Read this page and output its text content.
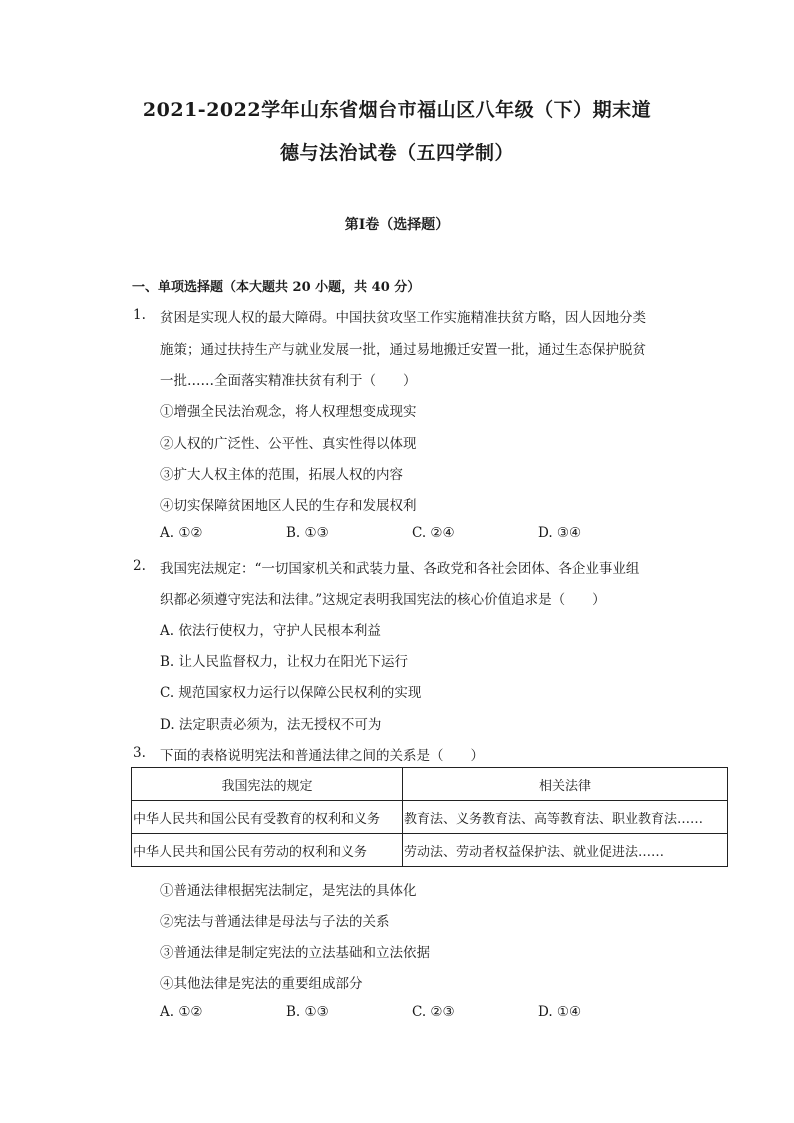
2021-2022学年山东省烟台市福山区八年级（下）期末道
德与法治试卷（五四学制）
第Ⅰ卷（选择题）
一、单项选择题（本大题共 20 小题，共 40 分）
1. 贫困是实现人权的最大障碍。中国扶贫攻坚工作实施精准扶贫方略，因人因地分类
施策；通过扶持生产与就业发展一批，通过易地搬迁安置一批，通过生态保护脱贫
一批……全面落实精准扶贫有利于（　　）
①增强全民法治观念，将人权理想变成现实
②人权的广泛性、公平性、真实性得以体现
③扩大人权主体的范围，拓展人权的内容
④切实保障贫困地区人民的生存和发展权利
A. ①②	B. ①③	C. ②④	D. ③④
2. 我国宪法规定：“一切国家机关和武装力量、各政党和各社会团体、各企业事业组
织都必须遵守宪法和法律。”这规定表明我国宪法的核心价值追求是（　　）
A. 依法行使权力，守护人民根本利益
B. 让人民监督权力，让权力在阳光下运行
C. 规范国家权力运行以保障公民权利的实现
D. 法定职责必须为，法无授权不可为
3. 下面的表格说明宪法和普通法律之间的关系是（　　）
我国宪法的规定	相关法律
中华人民共和国公民有受教育的权利和义务	教育法、义务教育法、高等教育法、职业教育法……
中华人民共和国公民有劳动的权利和义务	劳动法、劳动者权益保护法、就业促进法……
①普通法律根据宪法制定，是宪法的具体化
②宪法与普通法律是母法与子法的关系
③普通法律是制定宪法的立法基础和立法依据
④其他法律是宪法的重要组成部分
A. ①②	B. ①③	C. ②③	D. ①④
